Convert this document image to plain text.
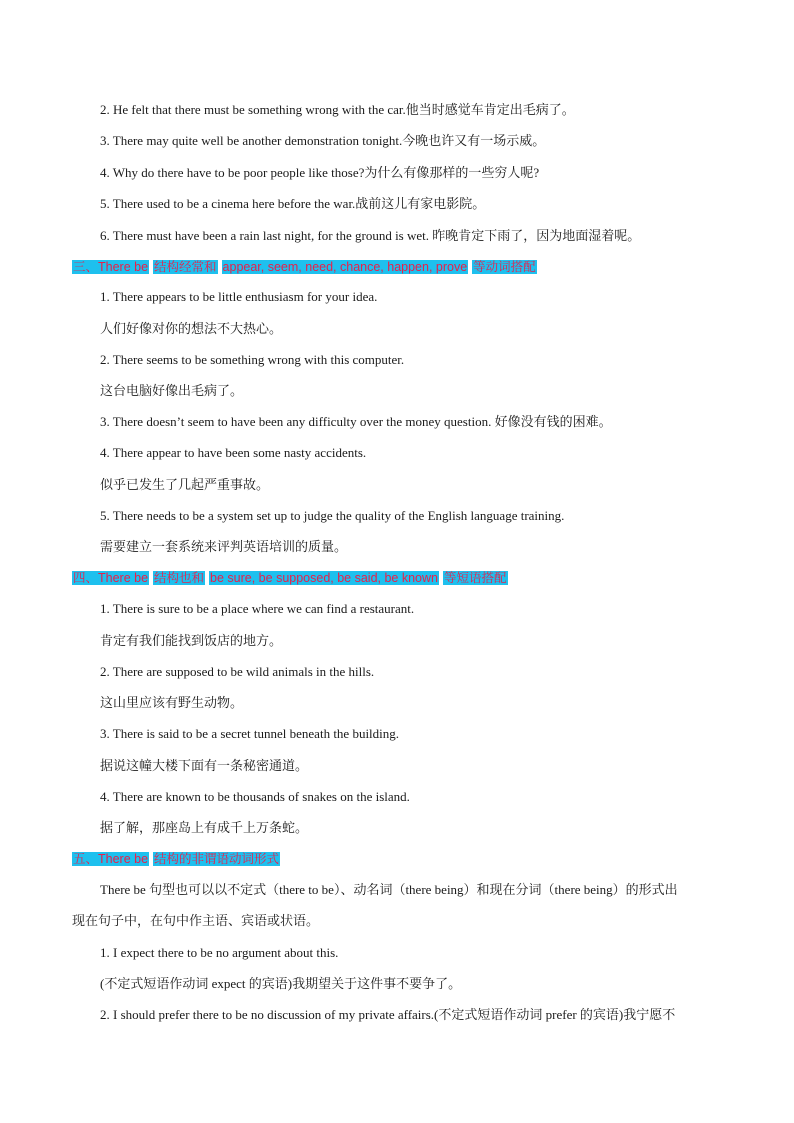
2. He felt that there must be something wrong with the car.他当时感觉车肯定出毛病了。
3. There may quite well be another demonstration tonight.今晚也许又有一场示威。
4. Why do there have to be poor people like those?为什么有像那样的一些穷人呢?
5. There used to be a cinema here before the war.战前这儿有家电影院。
6. There must have been a rain last night, for the ground is wet. 昨晚肯定下雨了，因为地面湿着呢。
三、There be 结构经常和 appear, seem, need, chance, happen, prove 等动词搭配
1. There appears to be little enthusiasm for your idea.
人们好像对你的想法不大热心。
2. There seems to be something wrong with this computer.
这台电脑好像出毛病了。
3. There doesn’t seem to have been any difficulty over the money question. 好像没有钱的困难。
4. There appear to have been some nasty accidents.
似乎已发生了几起严重事故。
5. There needs to be a system set up to judge the quality of the English language training.
需要建立一套系统来评判英语培训的质量。
四、There be 结构也和 be sure, be supposed, be said, be known 等短语搭配
1. There is sure to be a place where we can find a restaurant.
肯定有我们能找到饭店的地方。
2. There are supposed to be wild animals in the hills.
这山里应该有野生动物。
3. There is said to be a secret tunnel beneath the building.
据说这幢大楼下面有一条秘密通道。
4. There are known to be thousands of snakes on the island.
据了解，那座岛上有成千上万条蛇。
五、There be 结构的非谓语动词形式
There be 句型也可以以不定式（there to be）、动名词（there being）和现在分词（there being）的形式出
现在句子中，在句中作主语、宾语或状语。
1. I expect there to be no argument about this.
(不定式短语作动词 expect 的宾语)我期望关于这件事不要争了。
2. I should prefer there to be no discussion of my private affairs.(不定式短语作动词 prefer 的宾语)我宁愿不
